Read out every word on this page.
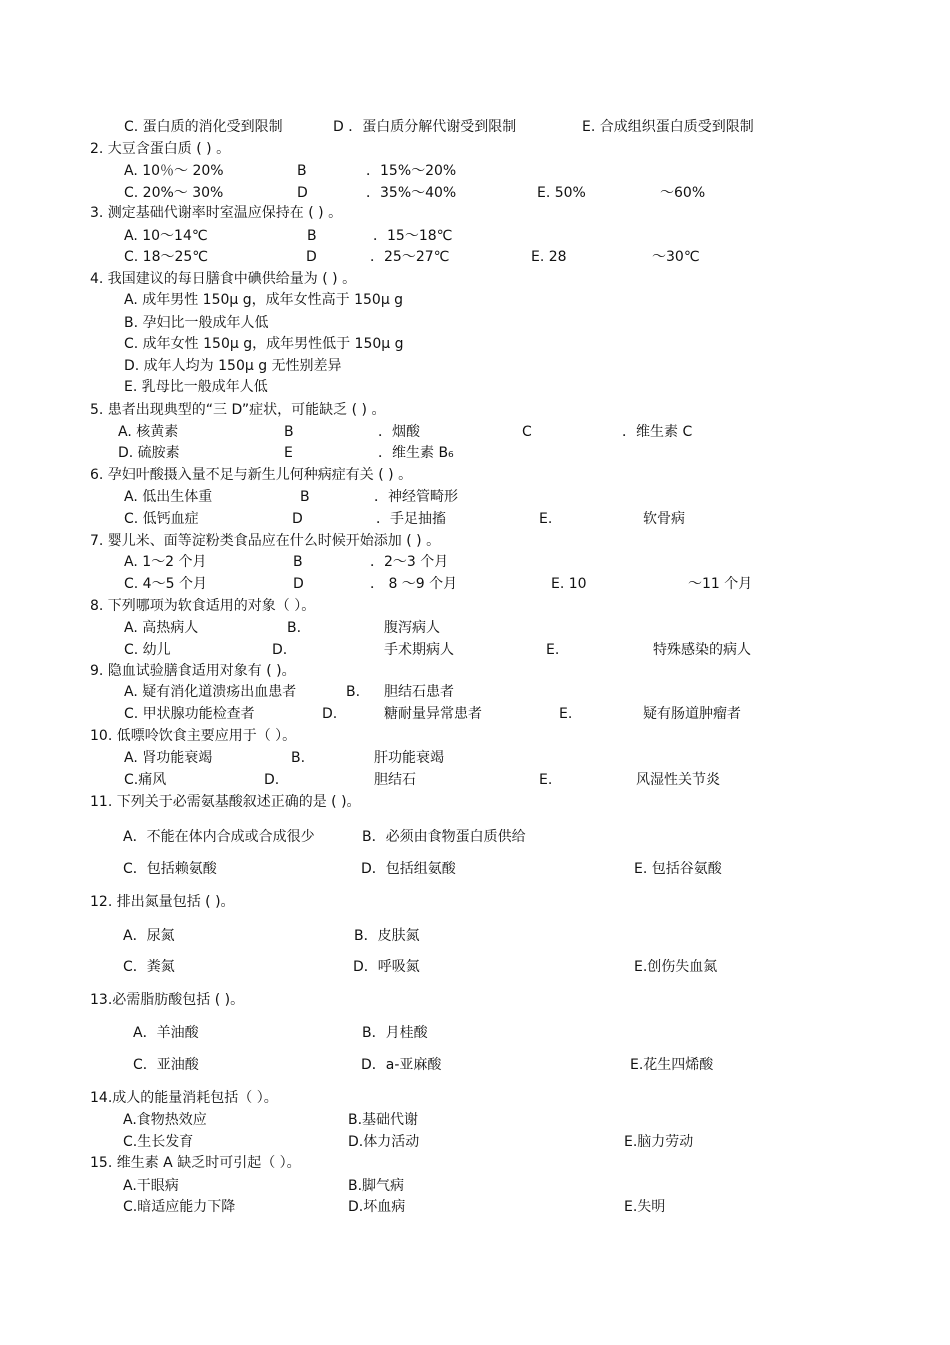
C. 蛋白质的消化受到限制	D ．蛋白质分解代谢受到限制	E. 合成组织蛋白质受到限制
2. 大豆含蛋白质 ( ) 。
A. 10％～ 20%	B	．15%～20%
C. 20%～ 30%	D	．35%～40%	E. 50%	～60%
3. 测定基础代谢率时室温应保持在 ( ) 。
A. 10～14℃	B	．15～18℃
C. 18～25℃	D	．25～27℃	E. 28	～30℃
4. 我国建议的每日膳食中碘供给量为 ( ) 。
A. 成年男性 150μ g，成年女性高于 150μ g
B. 孕妇比一般成年人低
C. 成年女性 150μ g，成年男性低于 150μ g
D. 成年人均为 150μ g 无性别差异
E. 乳母比一般成年人低
5. 患者出现典型的“三 D”症状，可能缺乏 ( ) 。
A. 核黄素	B	．烟酸	C	．维生素 C
D. 硫胺素	E	．维生素 B₆
6. 孕妇叶酸摄入量不足与新生儿何种病症有关 ( ) 。
A. 低出生体重	B	．神经管畸形
C. 低钙血症	D	．手足抽搐	E.	软骨病
7. 婴儿米、面等淀粉类食品应在什么时候开始添加 ( ) 。
A. 1～2 个月	B	．2～3 个月
C. 4～5 个月	D	． 8 ～9 个月	E. 10	～11 个月
8. 下列哪项为软食适用的对象（ ）。
A. 高热病人	B.	腹泻病人
C. 幼儿	D.	手术期病人	E.	特殊感染的病人
9. 隐血试验膳食适用对象有 ( )。
A. 疑有消化道溃疡出血患者	B. 胆结石患者
C. 甲状腺功能检查者	D.	糖耐量异常患者	E.	疑有肠道肿瘤者
10. 低嘌呤饮食主要应用于（ ）。
A. 肾功能衰竭	B.	肝功能衰竭
C.痛风	D.	胆结石	E.	风湿性关节炎
11. 下列关于必需氨基酸叙述正确的是 ( )。
A．不能在体内合成或合成很少	B．必须由食物蛋白质供给
C．包括赖氨酸	D．包括组氨酸	E. 包括谷氨酸
12. 排出氮量包括 ( )。
A．尿氮	B．皮肤氮
C．粪氮	D．呼吸氮	E.创伤失血氮
13.必需脂肪酸包括 ( )。
A．羊油酸	B．月桂酸
C．亚油酸	D．a-亚麻酸	E.花生四烯酸
14.成人的能量消耗包括（ ）。
A.食物热效应	B.基础代谢
C.生长发育	D.体力活动	E.脑力劳动
15. 维生素 A 缺乏时可引起（ ）。
A.干眼病	B.脚气病
C.暗适应能力下降	D.坏血病	E.失明
